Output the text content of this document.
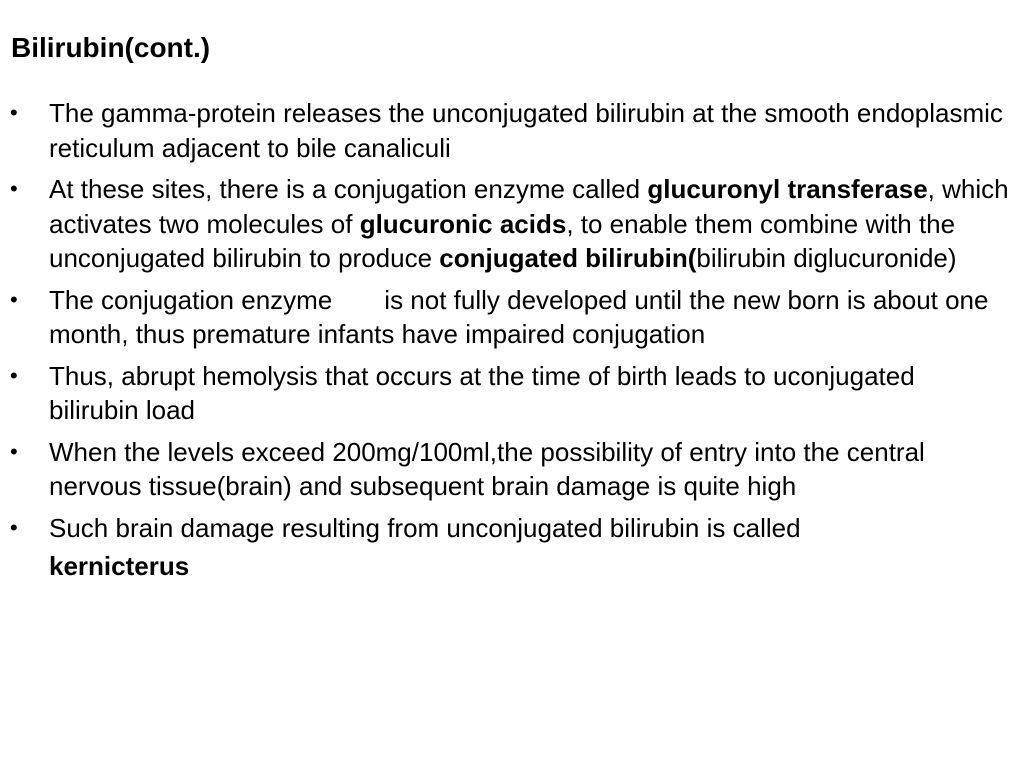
Bilirubin(cont.)
•	The gamma-protein releases the unconjugated bilirubin at the smooth endoplasmic reticulum adjacent to bile canaliculi
•	At these sites, there is a conjugation enzyme called glucuronyl transferase, which activates two molecules of glucuronic acids, to enable them combine with the unconjugated bilirubin to produce conjugated bilirubin(bilirubin diglucuronide)
•	The conjugation enzyme is not fully developed until the new born is about one month, thus premature infants have impaired conjugation
•	Thus, abrupt hemolysis that occurs at the time of birth leads to uconjugated bilirubin load
•	When the levels exceed 200mg/100ml,the possibility of entry into the central nervous tissue(brain) and subsequent brain damage is quite high
•	Such brain damage resulting from unconjugated bilirubin is called
kernicterus
